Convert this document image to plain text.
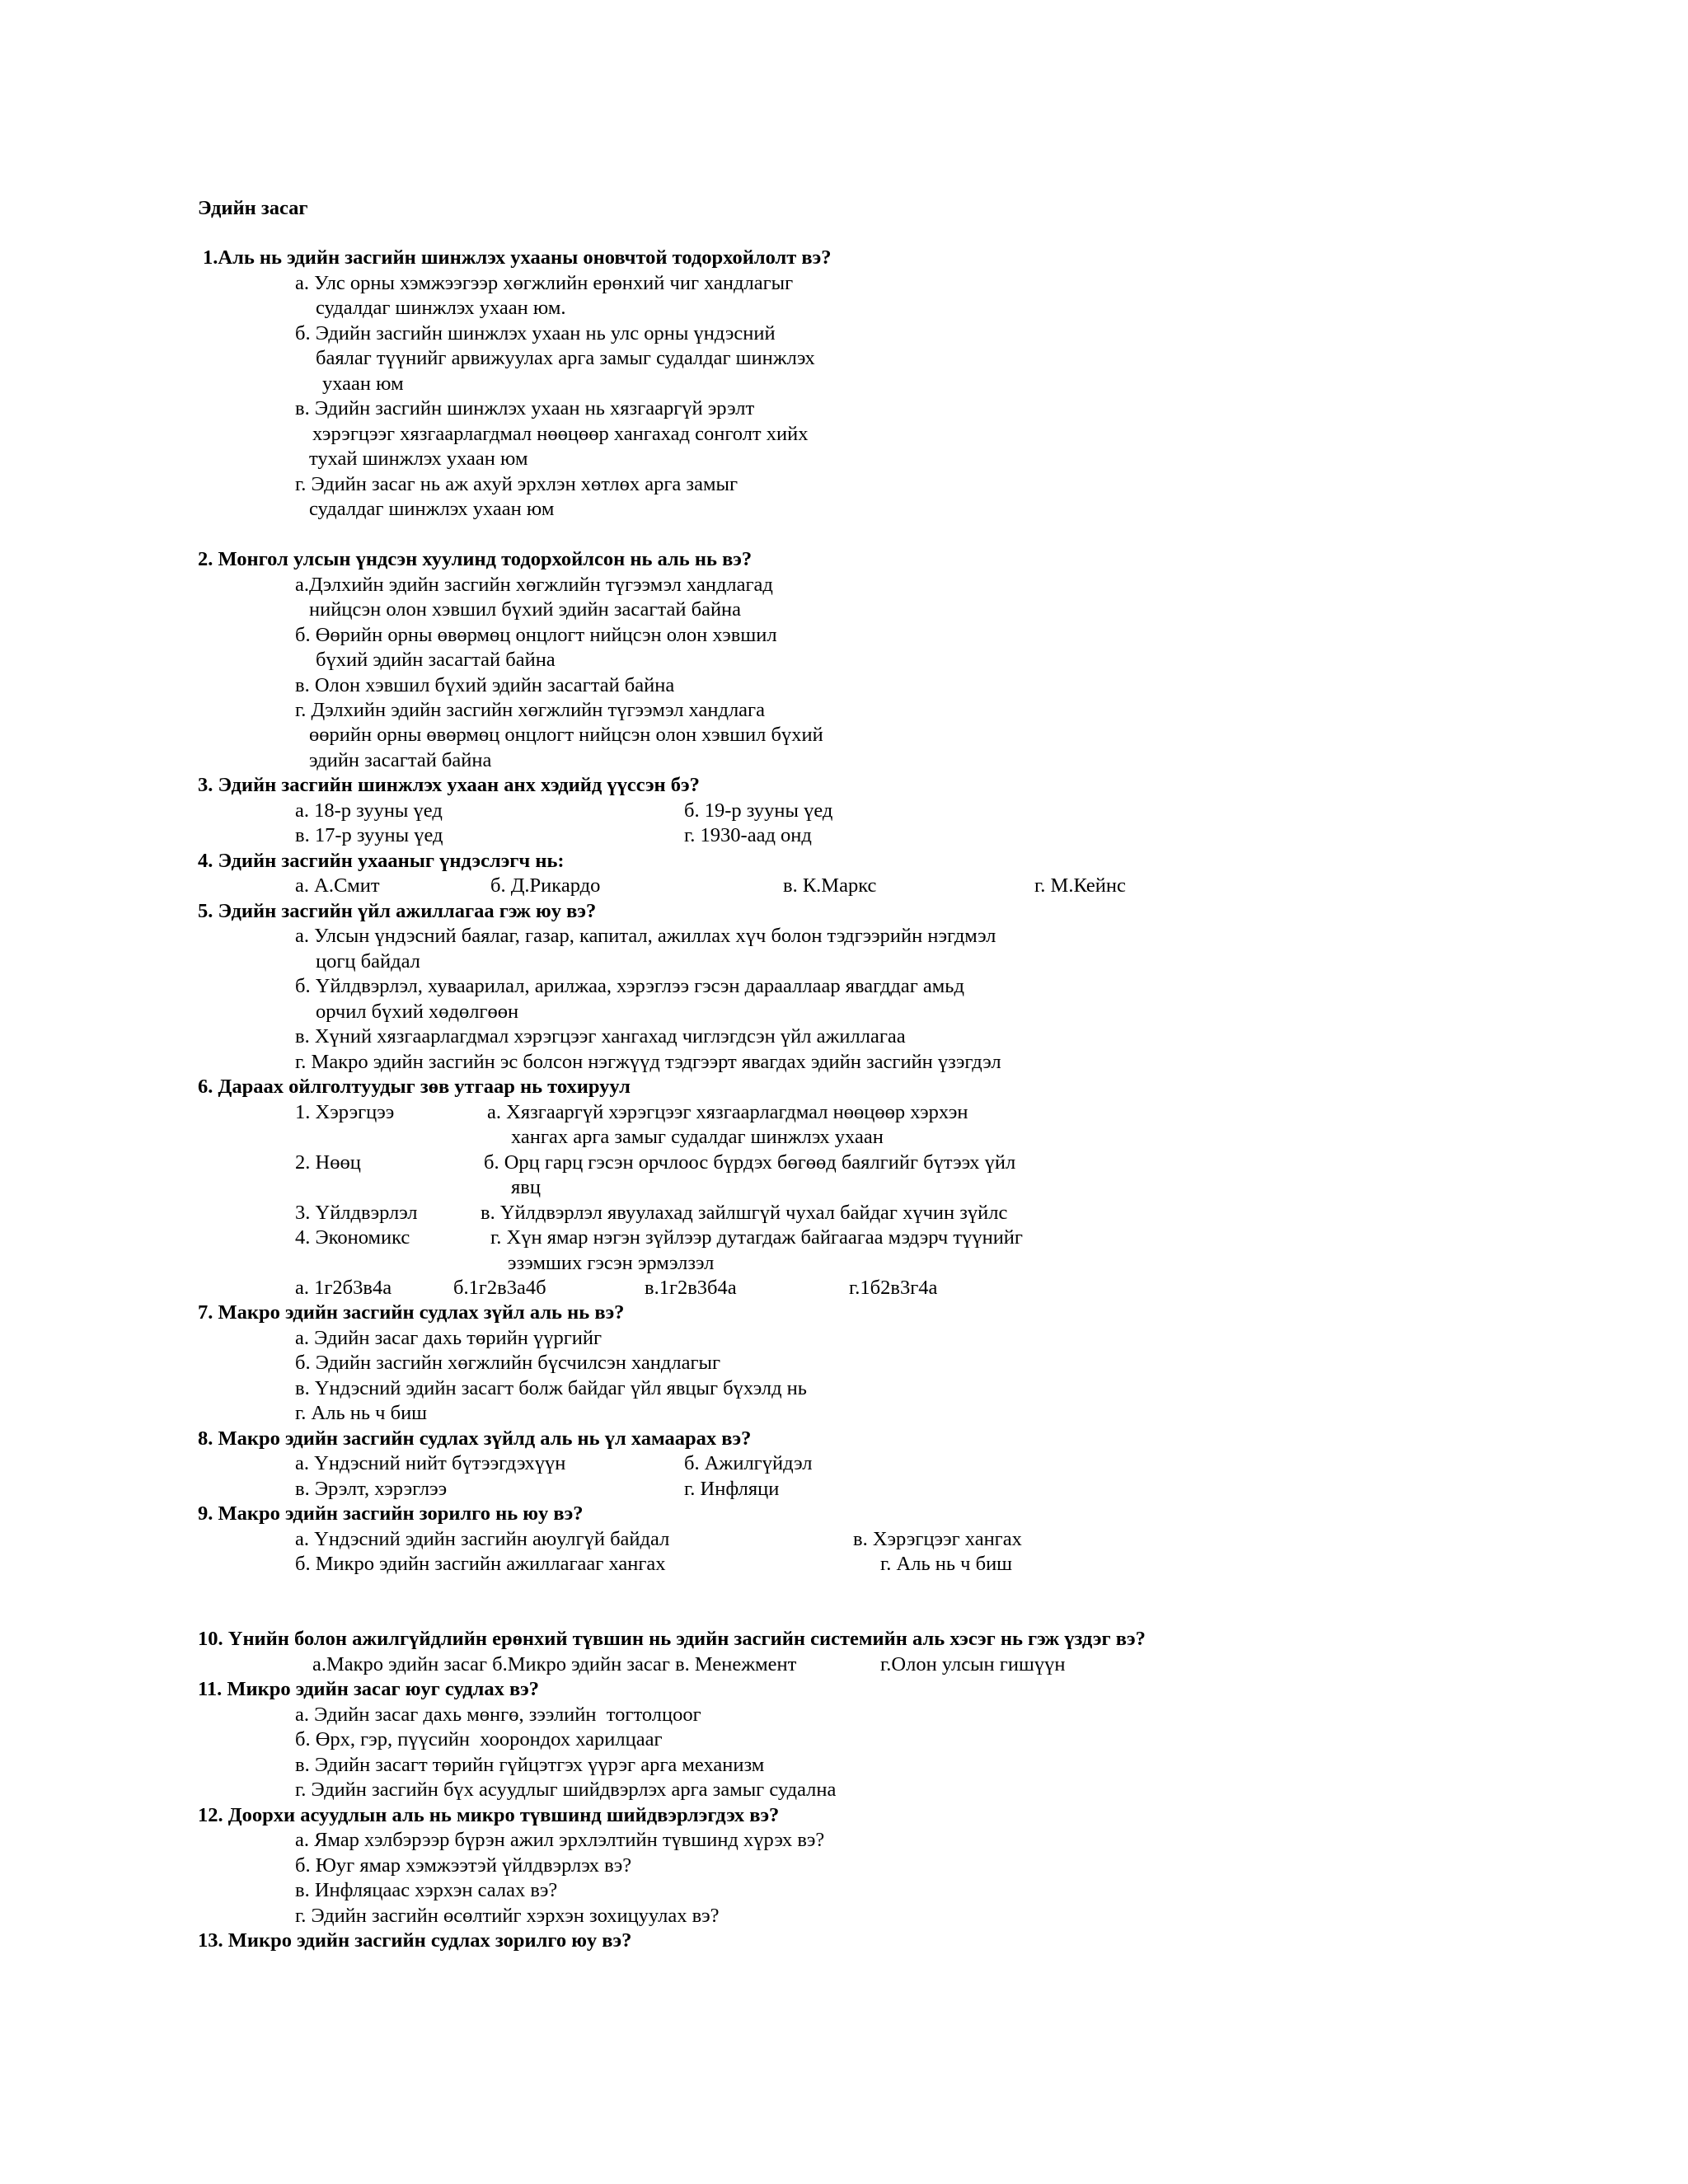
Эдийн засаг
1.Аль нь эдийн засгийн шинжлэх ухааны оновчтой тодорхойлолт вэ?
а. Улс орны хэмжээгээр хөгжлийн ерөнхий чиг хандлагыг
судалдаг шинжлэх ухаан юм.
б. Эдийн засгийн шинжлэх ухаан нь улс орны үндэсний
баялаг түүнийг арвижуулах арга замыг судалдаг шинжлэх
ухаан юм
в. Эдийн засгийн шинжлэх ухаан нь хязгааргүй эрэлт
хэрэгцээг хязгаарлагдмал нөөцөөр хангахад сонголт хийх
тухай шинжлэх ухаан юм
г. Эдийн засаг нь аж ахуй эрхлэн хөтлөх арга замыг
судалдаг шинжлэх ухаан юм
2. Монгол улсын үндсэн хуулинд тодорхойлсон нь аль нь вэ?
а.Дэлхийн эдийн засгийн хөгжлийн түгээмэл хандлагад
нийцсэн олон хэвшил бүхий эдийн засагтай байна
б. Өөрийн орны өвөрмөц онцлогт нийцсэн олон хэвшил
бүхий эдийн засагтай байна
в. Олон хэвшил бүхий эдийн засагтай байна
г. Дэлхийн эдийн засгийн хөгжлийн түгээмэл хандлага
өөрийн орны өвөрмөц онцлогт нийцсэн олон хэвшил бүхий
эдийн засагтай байна
3. Эдийн засгийн шинжлэх ухаан анх хэдийд үүссэн бэ?
а. 18-р зууны үед	б. 19-р зууны үед
в. 17-р зууны үед	г. 1930-аад онд
4. Эдийн засгийн ухааныг үндэслэгч нь:
а. А.Смит	б. Д.Рикардо	в. К.Маркс	г. М.Кейнс
5. Эдийн засгийн үйл ажиллагаа гэж юу вэ?
а. Улсын үндэсний баялаг, газар, капитал, ажиллах хүч болон тэдгээрийн нэгдмэл
цогц байдал
б. Үйлдвэрлэл, хуваарилал, арилжаа, хэрэглээ гэсэн дарааллаар явагддаг амьд
орчил бүхий хөдөлгөөн
в. Хүний хязгаарлагдмал хэрэгцээг хангахад чиглэгдсэн үйл ажиллагаа
г. Макро эдийн засгийн эс болсон нэгжүүд тэдгээрт явагдах эдийн засгийн үзэгдэл
6. Дараах ойлголтуудыг зөв утгаар нь тохируул
1. Хэрэгцээ	а. Хязгааргүй хэрэгцээг хязгаарлагдмал нөөцөөр хэрхэн
хангах арга замыг судалдаг шинжлэх ухаан
2. Нөөц	б. Орц гарц гэсэн орчлоос бүрдэх бөгөөд баялгийг бүтээх үйл
явц
3. Үйлдвэрлэл	в. Үйлдвэрлэл явуулахад зайлшгүй чухал байдаг хүчин зүйлс
4. Экономикс	г. Хүн ямар нэгэн зүйлээр дутагдаж байгаагаа мэдэрч түүнийг
эзэмших гэсэн эрмэлзэл
а. 1г2б3в4а	б.1г2в3а4б	в.1г2в3б4а	г.1б2в3г4а
7. Макро эдийн засгийн судлах зүйл аль нь вэ?
а. Эдийн засаг дахь төрийн үүргийг
б. Эдийн засгийн хөгжлийн бүсчилсэн хандлагыг
в. Үндэсний эдийн засагт болж байдаг үйл явцыг бүхэлд нь
г. Аль нь ч биш
8. Макро эдийн засгийн судлах зүйлд аль нь үл хамаарах вэ?
а. Үндэсний нийт бүтээгдэхүүн	б. Ажилгүйдэл
в. Эрэлт, хэрэглээ	г. Инфляци
9. Макро эдийн засгийн зорилго нь юу вэ?
а. Үндэсний эдийн засгийн аюулгүй байдал	в. Хэрэгцээг хангах
б. Микро эдийн засгийн ажиллагааг хангах	г. Аль нь ч биш
10. Үнийн болон ажилгүйдлийн ерөнхий түвшин нь эдийн засгийн системийн аль хэсэг нь гэж үздэг вэ?
а.Макро эдийн засаг б.Микро эдийн засаг в. Менежмент	г.Олон улсын гишүүн
11. Микро эдийн засаг юуг судлах вэ?
а. Эдийн засаг дахь мөнгө, зээлийн  тогтолцоог
б. Өрх, гэр, пүүсийн  хоорондох харилцааг
в. Эдийн засагт төрийн гүйцэтгэх үүрэг арга механизм
г. Эдийн засгийн бүх асуудлыг шийдвэрлэх арга замыг судална
12. Доорхи асуудлын аль нь микро түвшинд шийдвэрлэгдэх вэ?
а. Ямар хэлбэрээр бүрэн ажил эрхлэлтийн түвшинд хүрэх вэ?
б. Юуг ямар хэмжээтэй үйлдвэрлэх вэ?
в. Инфляцаас хэрхэн салах вэ?
г. Эдийн засгийн өсөлтийг хэрхэн зохицуулах вэ?
13. Микро эдийн засгийн судлах зорилго юу вэ?
